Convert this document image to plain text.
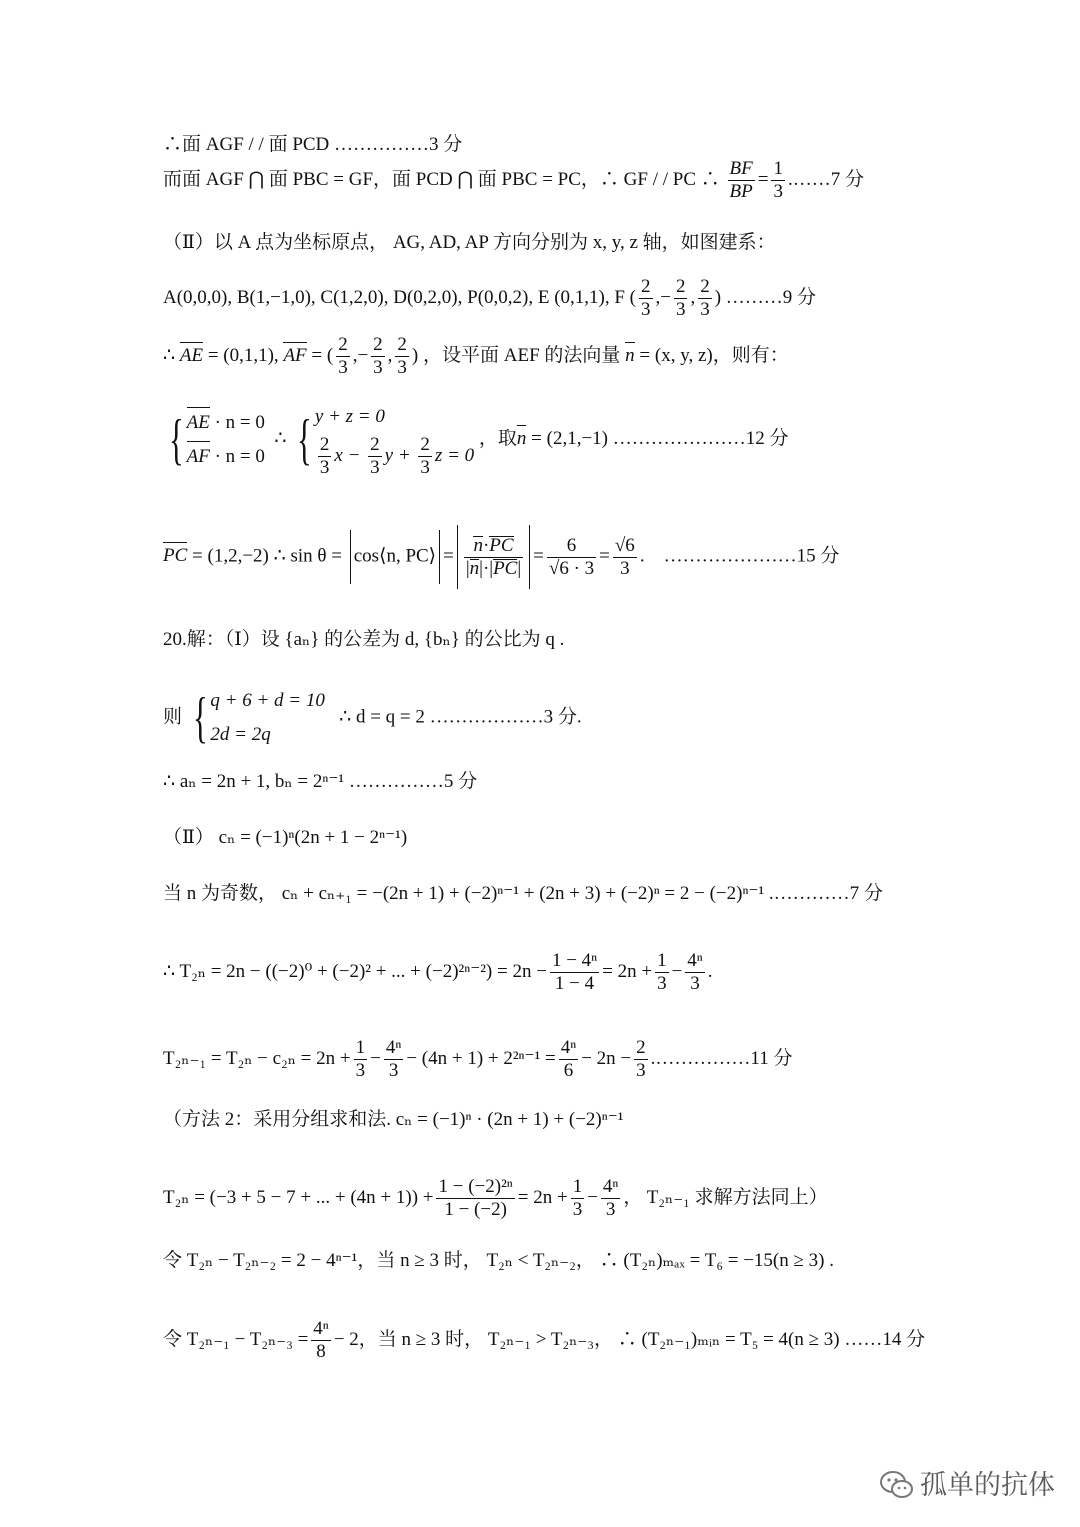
∴面 AGF / / 面 PCD ……………3 分
而面 AGF ⋂ 面 PBC = GF，面 PCD ⋂ 面 PBC = PC，∴ GF / / PC ∴ $\frac{BF}{BP} = \frac{1}{3}$ .……7 分
（Ⅱ）以 A 点为坐标原点， AG, AD, AP 方向分别为 x, y, z 轴，如图建系：
A(0,0,0), B(1,−1,0), C(1,2,0), D(0,2,0), P(0,0,2), E (0,1,1), F ( $\frac{2}{3}$ ,− $\frac{2}{3}$ , $\frac{2}{3}$ ) ………9 分
∴ AE = (0,1,1), AF = ( $\frac{2}{3}$ ,− $\frac{2}{3}$ , $\frac{2}{3}$ ) ，设平面 AEF 的法向量 n = (x, y, z)，则有：
{ AE · n = 0
AF · n = 0
∴ { y + z = 0
$\frac{2}{3}$ $x - \frac{2}{3}$ $y + \frac{2}{3}$ z = 0
，取n = (2,1,−1) …………………12 分
PC = (1,2,−2) ∴ sin θ = cos⟨n, PC⟩ = $\frac{n\cdot PC}{|n|\cdot|PC|} = \frac{6}{√6 \cdot 3} = \frac{√6}{3}$ . …………………15 分
20.解：（Ⅰ）设 {aₙ} 的公差为 d, {bₙ} 的公比为 q .
则 { q + 6 + d = 10
2d = 2q
∴ d = q = 2 ………………3 分.
∴ aₙ = 2n + 1, bₙ = 2ⁿ⁻¹ ……………5 分
（Ⅱ） cₙ = (−1)ⁿ(2n + 1 − 2ⁿ⁻¹)
当 n 为奇数， cₙ + cₙ₊₁ = −(2n + 1) + (−2)ⁿ⁻¹ + (2n + 3) + (−2)ⁿ = 2 − (−2)ⁿ⁻¹ .…………7 分
∴ T₂ₙ = 2n − ((−2)⁰ + (−2)² + ... + $(-2)^{2n-2}) = 2n - \frac{\text{1 − 4ⁿ}}{1 - 4} = 2n + \frac{1}{3} - \frac{\text{4ⁿ}}{3}$ .
$T_{2n-1} = T_{2n} - c_{2n} = 2n + \frac{1}{3} - \frac{\text{4ⁿ}}{3} - (4n + 1) + 2^{2n-1} = \frac{\text{4ⁿ}}{6} - 2n - \frac{2}{3}$ .……………11 分
（方法 2：采用分组求和法. cₙ = (−1)ⁿ · (2n + 1) + (−2)ⁿ⁻¹
T₂ₙ = (−3 + 5 − 7 + ... + $(4n + 1)) + \frac{\text{1 − (−2)²ⁿ}}{1 - (-2)} = 2n + \frac{1}{3} - \frac{\text{4ⁿ}}{3}$ ， T₂ₙ₋₁ 求解方法同上）
令 T₂ₙ − T₂ₙ₋₂ = 2 − 4ⁿ⁻¹，当 n ≥ 3 时， T₂ₙ < T₂ₙ₋₂， ∴ (T₂ₙ)ₘₐₓ = T₆ = −15(n ≥ 3) .
令 $T_{2n-1} - T_{2n-3} = \frac{\text{4ⁿ}}{8} - 2$，当 n ≥ 3 时， T₂ₙ₋₁ > T₂ₙ₋₃， ∴ (T₂ₙ₋₁)ₘᵢₙ = T₅ = 4(n ≥ 3) ……14 分
孤单的抗体
